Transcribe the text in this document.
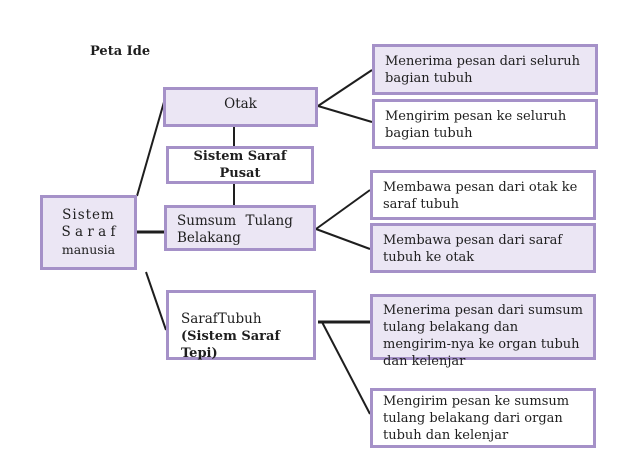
Peta Ide
Sistem
S a r a f
manusia
Otak
Sistem Saraf Pusat
Sumsum Tulang Belakang
SarafTubuh
(Sistem Saraf Tepi)
Menerima pesan dari seluruh bagian tubuh
Mengirim pesan ke seluruh bagian tubuh
Membawa pesan dari otak ke saraf tubuh
Membawa pesan dari saraf tubuh ke otak
Menerima pesan dari sumsum tulang belakang dan mengirim-nya ke organ tubuh dan kelenjar
Mengirim pesan ke sumsum tulang belakang dari organ tubuh dan kelenjar
